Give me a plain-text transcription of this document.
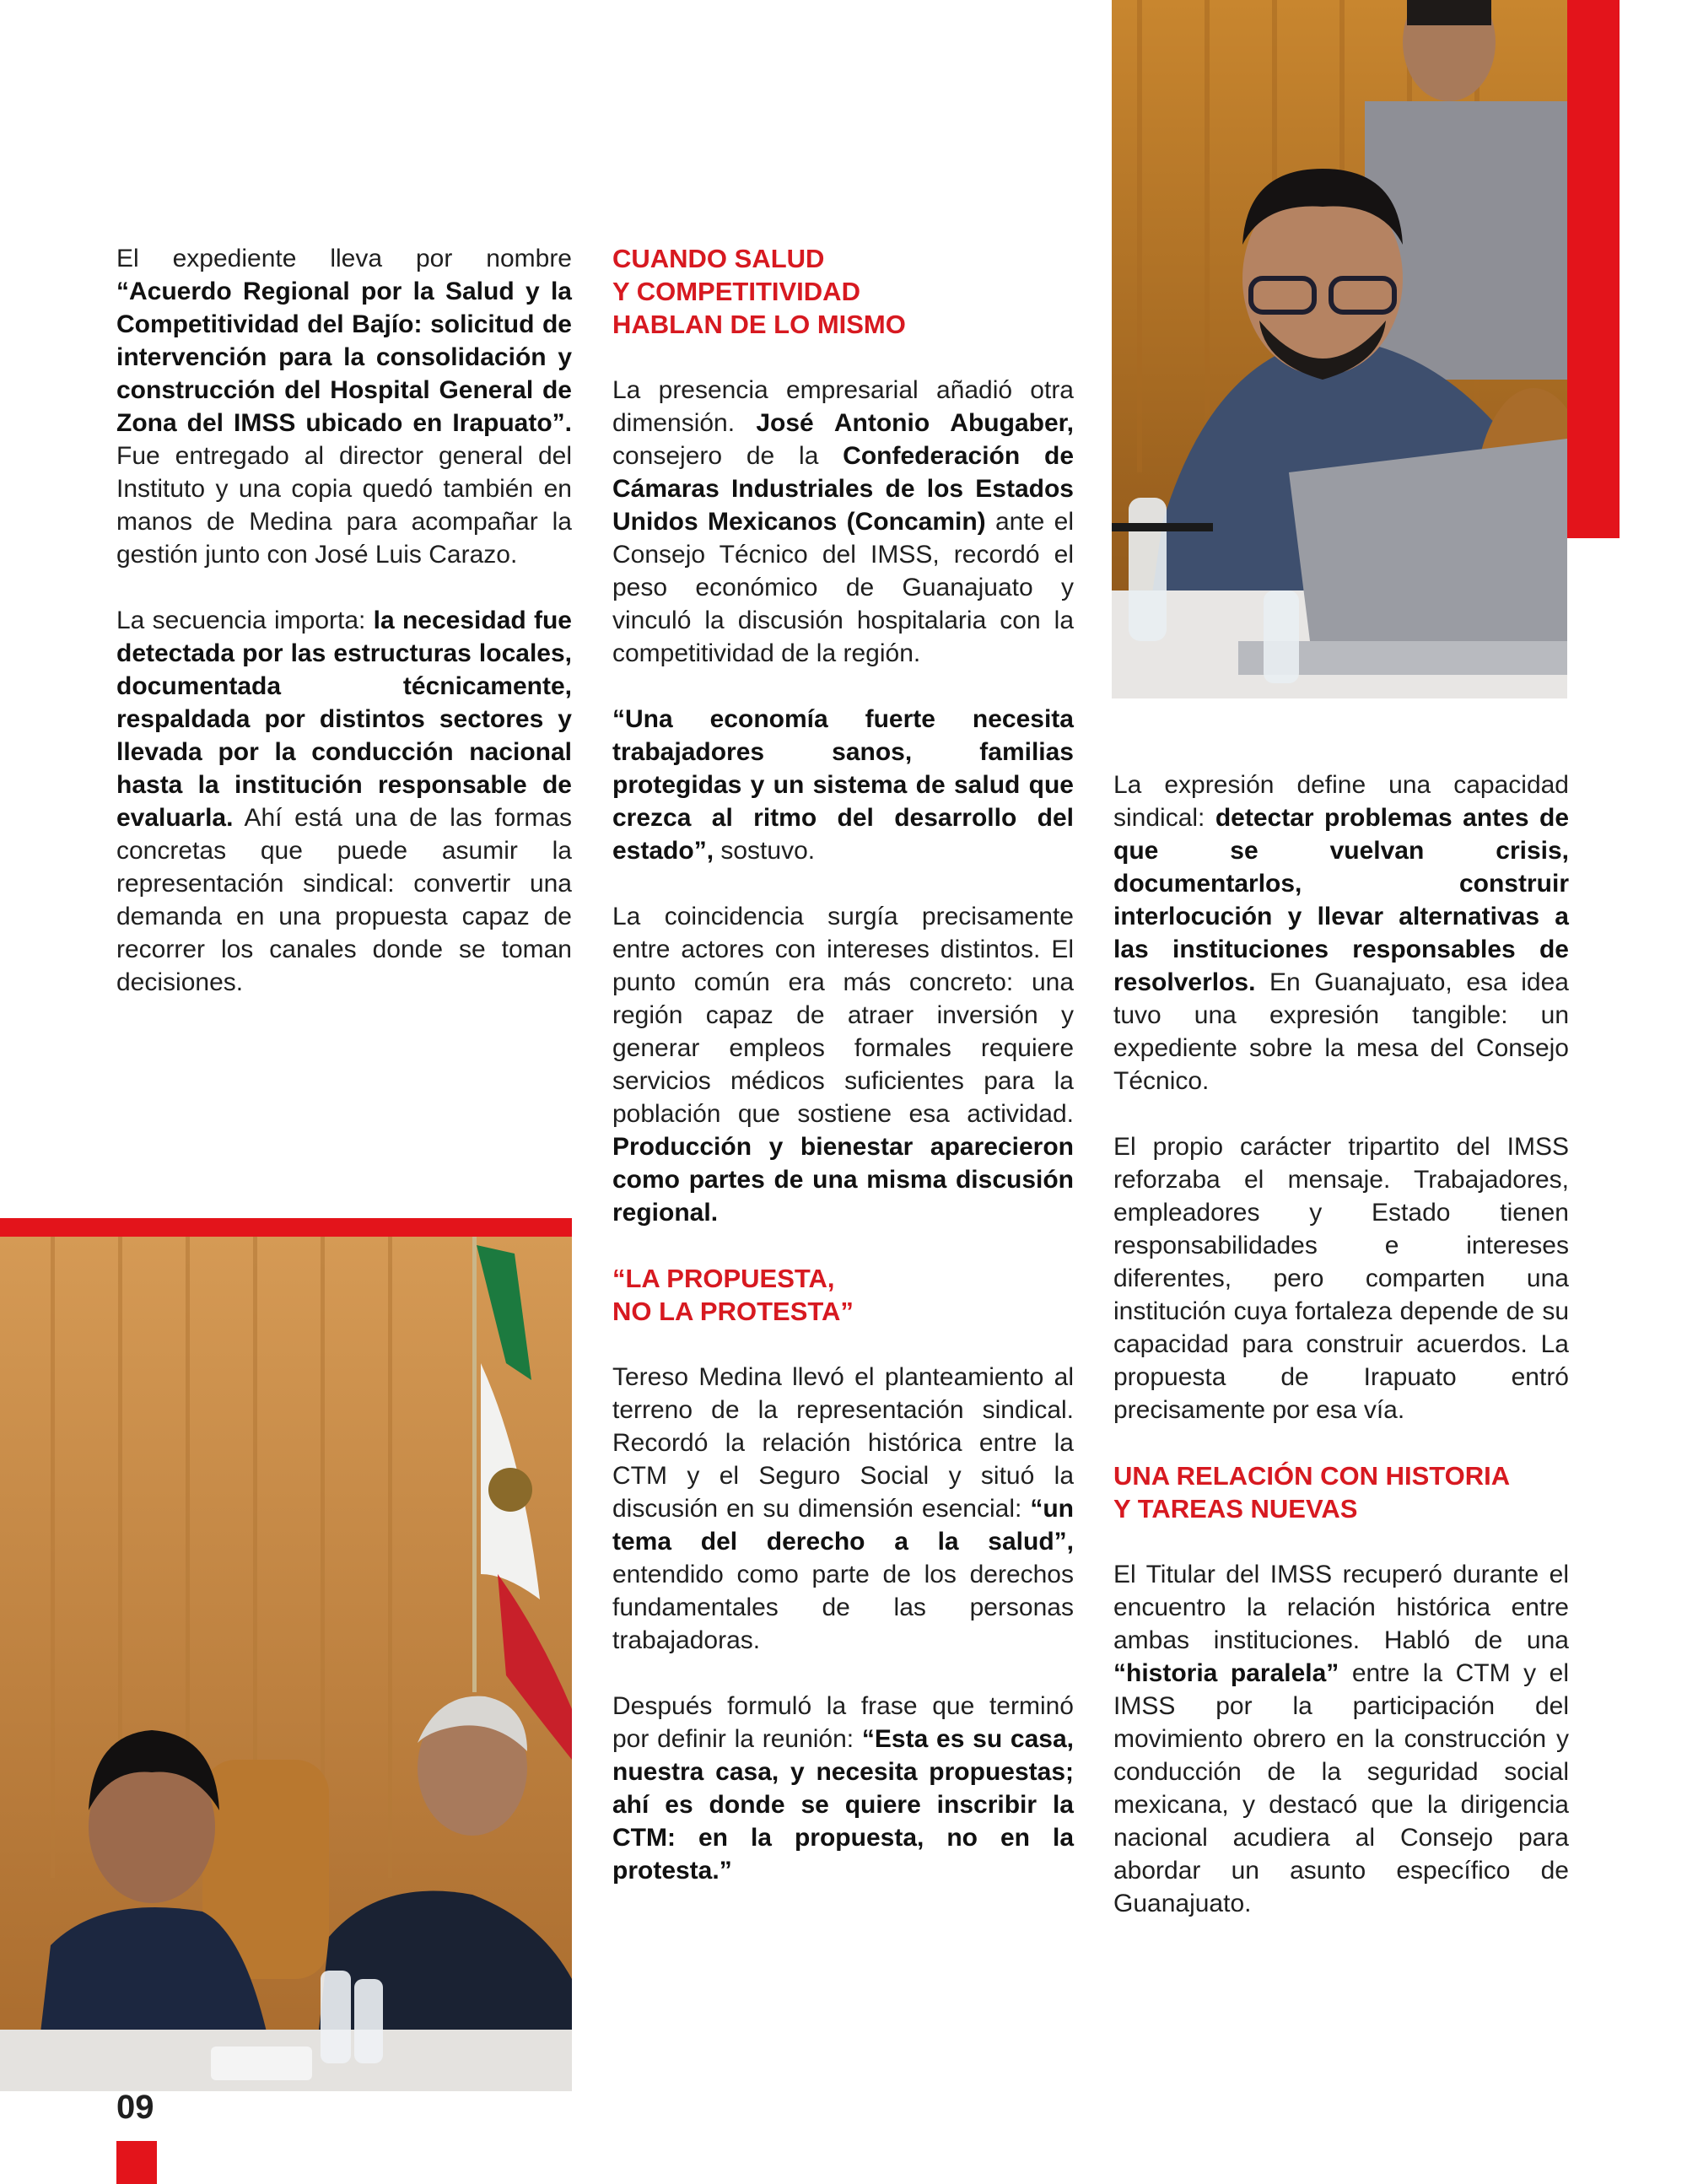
El expediente lleva por nombre “Acuerdo Regional por la Salud y la Competitividad del Bajío: solicitud de intervención para la consolidación y construcción del Hospital General de Zona del IMSS ubicado en Irapuato”. Fue entregado al director general del Instituto y una copia quedó también en manos de Medina para acompañar la gestión junto con José Luis Carazo.

La secuencia importa: la necesidad fue detectada por las estructuras locales, documentada técnicamente, respaldada por distintos sectores y llevada por la conducción nacional hasta la institución responsable de evaluarla. Ahí está una de las formas concretas que puede asumir la representación sindical: convertir una demanda en una propuesta capaz de recorrer los canales donde se toman decisiones.

09
CUANDO SALUD
Y COMPETITIVIDAD
HABLAN DE LO MISMO

La presencia empresarial añadió otra dimensión. José Antonio Abugaber, consejero de la Confederación de Cámaras Industriales de los Estados Unidos Mexicanos (Concamin) ante el Consejo Técnico del IMSS, recordó el peso económico de Guanajuato y vinculó la discusión hospitalaria con la competitividad de la región.

“Una economía fuerte necesita trabajadores sanos, familias protegidas y un sistema de salud que crezca al ritmo del desarrollo del estado”, sostuvo.

La coincidencia surgía precisamente entre actores con intereses distintos. El punto común era más concreto: una región capaz de atraer inversión y generar empleos formales requiere servicios médicos suficientes para la población que sostiene esa actividad. Producción y bienestar aparecieron como partes de una misma discusión regional.

“LA PROPUESTA,
NO LA PROTESTA”

Tereso Medina llevó el planteamiento al terreno de la representación sindical. Recordó la relación histórica entre la CTM y el Seguro Social y situó la discusión en su dimensión esencial: “un tema del derecho a la salud”, entendido como parte de los derechos fundamentales de las personas trabajadoras.

Después formuló la frase que terminó por definir la reunión: “Esta es su casa, nuestra casa, y necesita propuestas; ahí es donde se quiere inscribir la CTM: en la propuesta, no en la protesta.”

La expresión define una capacidad sindical: detectar problemas antes de que se vuelvan crisis, documentarlos, construir interlocución y llevar alternativas a las instituciones responsables de resolverlos. En Guanajuato, esa idea tuvo una expresión tangible: un expediente sobre la mesa del Consejo Técnico.

El propio carácter tripartito del IMSS reforzaba el mensaje. Trabajadores, empleadores y Estado tienen responsabilidades e intereses diferentes, pero comparten una institución cuya fortaleza depende de su capacidad para construir acuerdos. La propuesta de Irapuato entró precisamente por esa vía.

UNA RELACIÓN CON HISTORIA
Y TAREAS NUEVAS

El Titular del IMSS recuperó durante el encuentro la relación histórica entre ambas instituciones. Habló de una “historia paralela” entre la CTM y el IMSS por la participación del movimiento obrero en la construcción y conducción de la seguridad social mexicana, y destacó que la dirigencia nacional acudiera al Consejo para abordar un asunto específico de Guanajuato.
